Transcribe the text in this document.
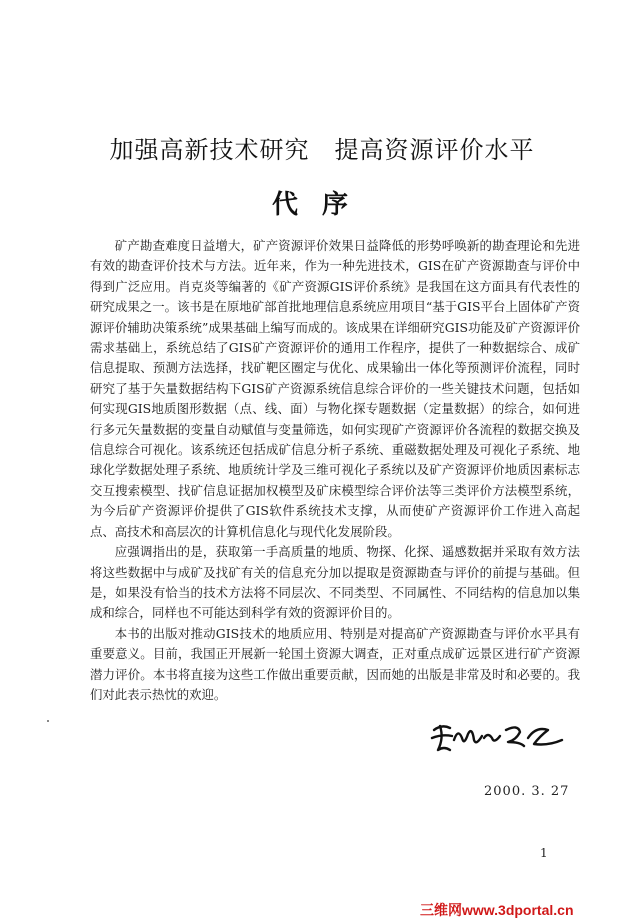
加强高新技术研究　提高资源评价水平
代序

矿产勘查难度日益增大，矿产资源评价效果日益降低的形势呼唤新的勘查理论和先进有效的勘查评价技术与方法。近年来，作为一种先进技术，GIS在矿产资源勘查与评价中得到广泛应用。肖克炎等编著的《矿产资源GIS评价系统》是我国在这方面具有代表性的研究成果之一。该书是在原地矿部首批地理信息系统应用项目“基于GIS平台上固体矿产资源评价辅助决策系统”成果基础上编写而成的。该成果在详细研究GIS功能及矿产资源评价需求基础上，系统总结了GIS矿产资源评价的通用工作程序，提供了一种数据综合、成矿信息提取、预测方法选择，找矿靶区圈定与优化、成果输出一体化等预测评价流程，同时研究了基于矢量数据结构下GIS矿产资源系统信息综合评价的一些关键技术问题，包括如何实现GIS地质图形数据（点、线、面）与物化探专题数据（定量数据）的综合，如何进行多元矢量数据的变量自动赋值与变量筛选，如何实现矿产资源评价各流程的数据交换及信息综合可视化。该系统还包括成矿信息分析子系统、重磁数据处理及可视化子系统、地球化学数据处理子系统、地质统计学及三维可视化子系统以及矿产资源评价地质因素标志交互搜索模型、找矿信息证据加权模型及矿床模型综合评价法等三类评价方法模型系统，为今后矿产资源评价提供了GIS软件系统技术支撑，从而使矿产资源评价工作进入高起点、高技术和高层次的计算机信息化与现代化发展阶段。

应强调指出的是，获取第一手高质量的地质、物探、化探、遥感数据并采取有效方法将这些数据中与成矿及找矿有关的信息充分加以提取是资源勘查与评价的前提与基础。但是，如果没有恰当的技术方法将不同层次、不同类型、不同属性、不同结构的信息加以集成和综合，同样也不可能达到科学有效的资源评价目的。

本书的出版对推动GIS技术的地质应用、特别是对提高矿产资源勘查与评价水平具有重要意义。目前，我国正开展新一轮国土资源大调查，正对重点成矿远景区进行矿产资源潜力评价。本书将直接为这些工作做出重要贡献，因而她的出版是非常及时和必要的。我们对此表示热忱的欢迎。

2000. 3. 27
1
三维网www.3dportal.cn
